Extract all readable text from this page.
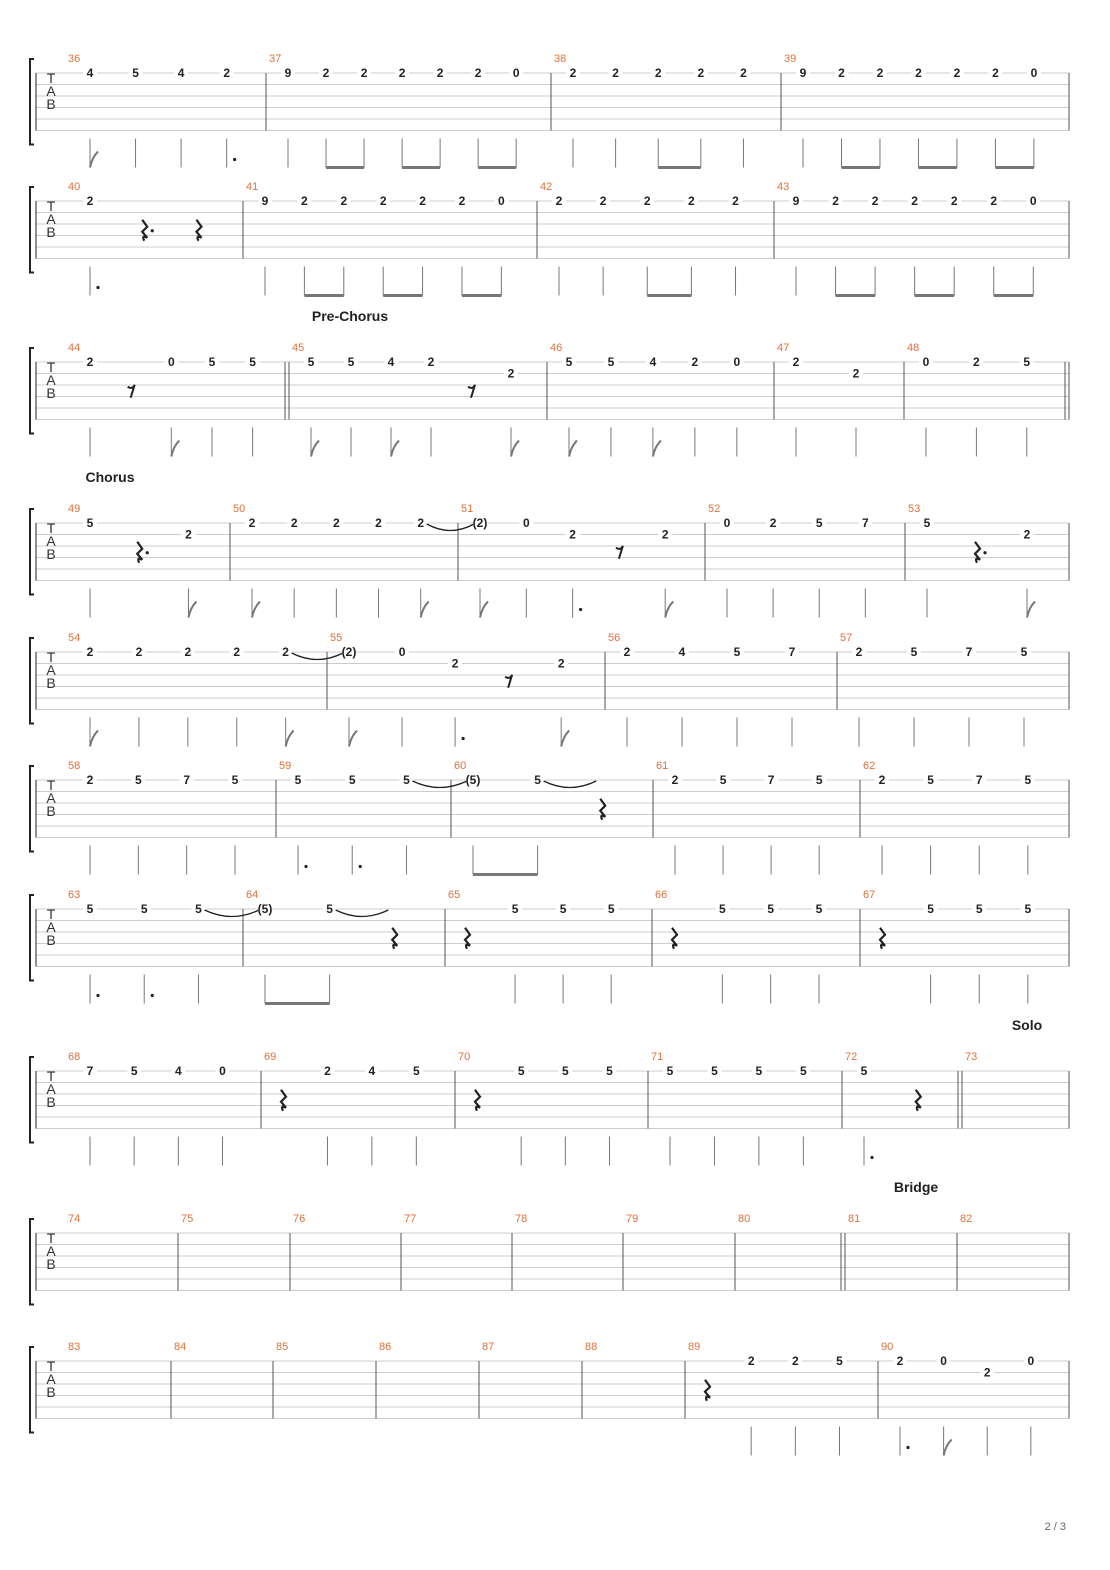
T
A
B
36
4	5	4	2
37
9	2	2	2	2	2	0
38
2	2	2	2	2
39
9	2	2	2	2	2	0
T
A
B
40
2
41
9	2	2	2	2	2	0
42
2	2	2	2	2
43
9	2	2	2	2	2	0
T
A
B
Pre-Chorus
44
2	0	5	5
45
5	5	4	2
2
46
5	5	4	2	0
47
2
2
48
0	2	5
T
A
B
Chorus
49
5
2
50
2	2	2	2	2
51
(2)	0
2	2
52
0	2	5	7
53
5
2
T
A
B
54
2	2	2	2	2
55
(2)	0
2	2
56
2	4	5	7
57
2	5	7	5
T
A
B
58
2	5	7	5
59
5	5	5
60
(5)	5
61
2	5	7	5
62
2	5	7	5
T
A
B
63
5	5	5
64
(5)	5
65
5	5	5
66
5	5	5
67
5	5	5
T
A
B
Solo
68
7	5	4	0
69
2	4	5
70
5	5	5
71
5	5	5	5
72
5
73
T
A
B
Bridge
74	75	76	77	78	79	80	81	82
T
A
B
83	84	85	86	87	88	89
2	2	5
90
2	0
2
0
2 / 3
